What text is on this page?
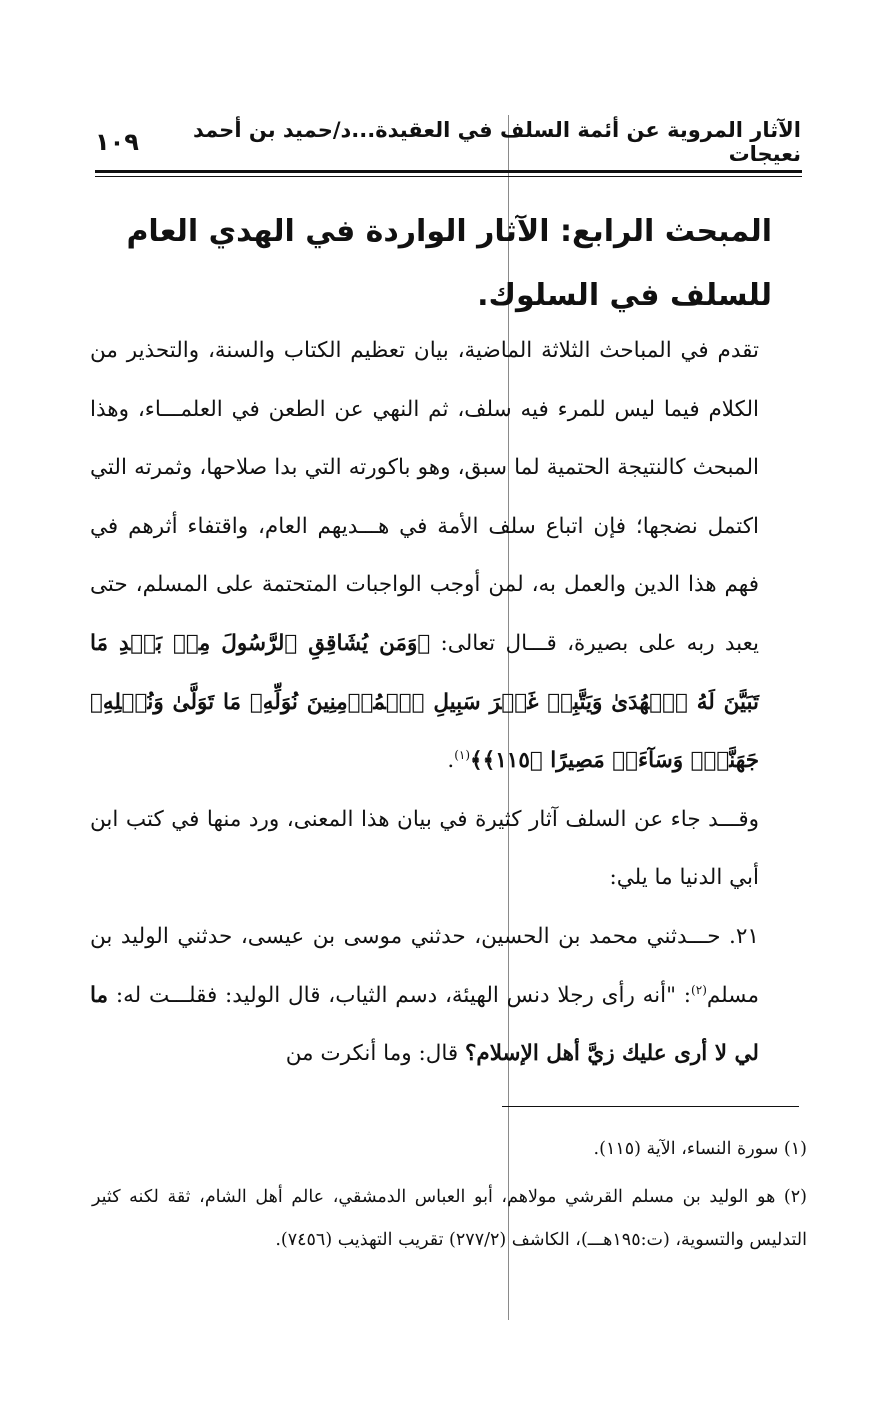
الآثار المروية عن أئمة السلف في العقيدة...د/حميد بن أحمد نعيجات
١٠٩
المبحث الرابع: الآثار الواردة في الهدي العام للسلف في السلوك.

تقدم في المباحث الثلاثة الماضية، بيان تعظيم الكتاب والسنة، والتحذير من الكلام فيما ليس للمرء فيه سلف، ثم النهي عن الطعن في العلمـــاء، وهذا المبحث كالنتيجة الحتمية لما سبق، وهو باكورته التي بدا صلاحها، وثمرته التي اكتمل نضجها؛ فإن اتباع سلف الأمة في هـــديهم العام، واقتفاء أثرهم في فهم هذا الدين والعمل به، لمن أوجب الواجبات المتحتمة على المسلم، حتى يعبد ربه على بصيرة، قـــال تعالى: ﴿وَمَن يُشَاقِقِ ٱلرَّسُولَ مِنۢ بَعۡدِ مَا تَبَيَّنَ لَهُ ٱلۡهُدَىٰ وَيَتَّبِعۡ غَيۡرَ سَبِيلِ ٱلۡمُؤۡمِنِينَ نُوَلِّهِۦ مَا تَوَلَّىٰ وَنُصۡلِهِۦ جَهَنَّمَۖ وَسَآءَتۡ مَصِيرًا ﴿١١٥﴾﴾$^{(١)}$.

وقـــد جاء عن السلف آثار كثيرة في بيان هذا المعنى، ورد منها في كتب ابن أبي الدنيا ما يلي:

٢١. حـــدثني محمد بن الحسين، حدثني موسى بن عيسى، حدثني الوليد بن مسلم$^{(٢)}$: "أنه رأى رجلا دنس الهيئة، دسم الثياب، قال الوليد: فقلـــت له: ما لي لا أرى عليك زيَّ أهل الإسلام؟ قال: وما أنكرت من

(١) سورة النساء، الآية (١١٥).

(٢) هو الوليد بن مسلم القرشي مولاهم، أبو العباس الدمشقي، عالم أهل الشام، ثقة لكنه كثير التدليس والتسوية، (ت:١٩٥هـــ)، الكاشف (٢٧٧/٢) تقريب التهذيب (٧٤٥٦).
